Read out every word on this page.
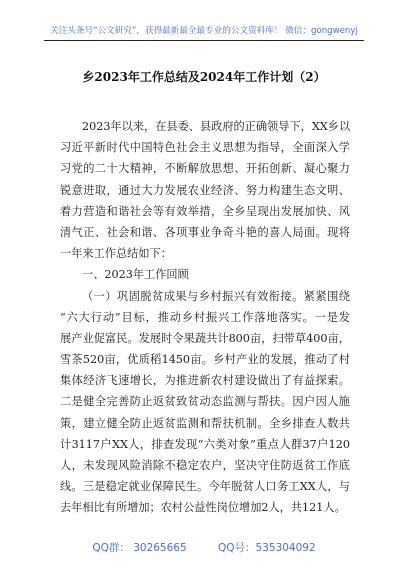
关注头条号“公文研究”，获得最新最全最专业的公文资料库！ 微信：gongwenyj
乡2023年工作总结及2024年工作计划（2）
2023年以来，在县委、县政府的正确领导下，XX乡以
习近平新时代中国特色社会主义思想为指导，全面深入学
习党的二十大精神，不断解放思想、开拓创新、凝心聚力
锐意进取，通过大力发展农业经济、努力构建生态文明、
着力营造和谐社会等有效举措，全乡呈现出发展加快、风
清气正、社会和谐、各项事业争奇斗艳的喜人局面。现将
一年来工作总结如下：
一、2023年工作回顾
（一）巩固脱贫成果与乡村振兴有效衔接。紧紧围绕
“六大行动”目标，推动乡村振兴工作落地落实。一是发
展产业促富民。发展时令果蔬共计800亩，扫带草400亩，
雪茶520亩，优质稻1450亩。乡村产业的发展，推动了村
集体经济飞速增长，为推进新农村建设做出了有益探索。
二是健全完善防止返贫致贫动态监测与帮扶。因户因人施
策，建立健全防止返贫监测和帮扶机制。全乡排查人数共
计3117户XX人，排查发现“六类对象”重点人群37户120
人，未发现风险消除不稳定农户，坚决守住防返贫工作底
线。三是稳定就业保障民生。今年脱贫人口务工XX人，与
去年相比有所增加；农村公益性岗位增加2人，共121人。
QQ群： 30265665	QQ号：535304092
